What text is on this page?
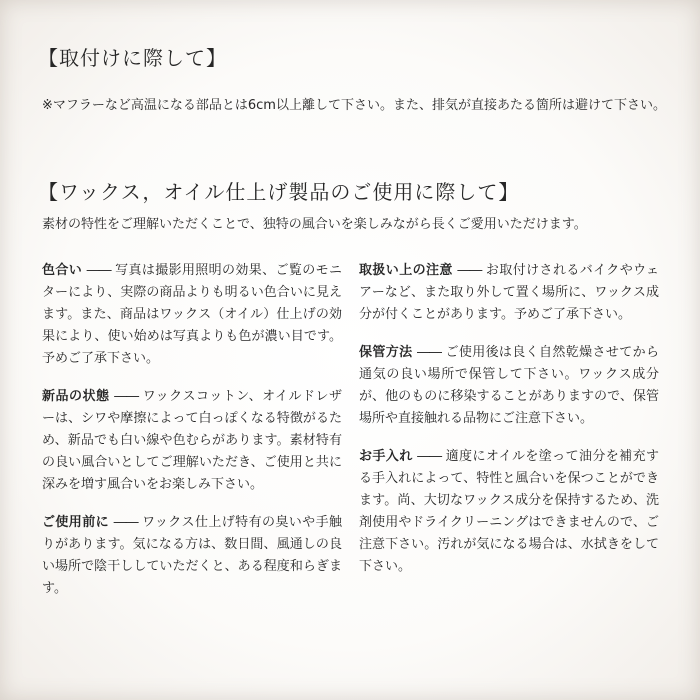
【取付けに際して】

※マフラーなど高温になる部品とは6cm以上離して下さい。また、排気が直接あたる箇所は避けて下さい。

【ワックス，オイル仕上げ製品のご使用に際して】

素材の特性をご理解いただくことで、独特の風合いを楽しみながら長くご愛用いただけます。

色合い ―― 写真は撮影用照明の効果、ご覧のモニターにより、実際の商品よりも明るい色合いに見えます。また、商品はワックス（オイル）仕上げの効果により、使い始めは写真よりも色が濃い目です。予めご了承下さい。

新品の状態 ―― ワックスコットン、オイルドレザーは、シワや摩擦によって白っぽくなる特徴がるため、新品でも白い線や色むらがあります。素材特有の良い風合いとしてご理解いただき、ご使用と共に深みを増す風合いをお楽しみ下さい。

ご使用前に ―― ワックス仕上げ特有の臭いや手触りがあります。気になる方は、数日間、風通しの良い場所で陰干ししていただくと、ある程度和らぎます。

取扱い上の注意 ―― お取付けされるバイクやウェアーなど、また取り外して置く場所に、ワックス成分が付くことがあります。予めご了承下さい。

保管方法 ―― ご使用後は良く自然乾燥させてから通気の良い場所で保管して下さい。ワックス成分が、他のものに移染することがありますので、保管場所や直接触れる品物にご注意下さい。

お手入れ ―― 適度にオイルを塗って油分を補充する手入れによって、特性と風合いを保つことができます。尚、大切なワックス成分を保持するため、洗剤使用やドライクリーニングはできませんので、ご注意下さい。汚れが気になる場合は、水拭きをして下さい。
